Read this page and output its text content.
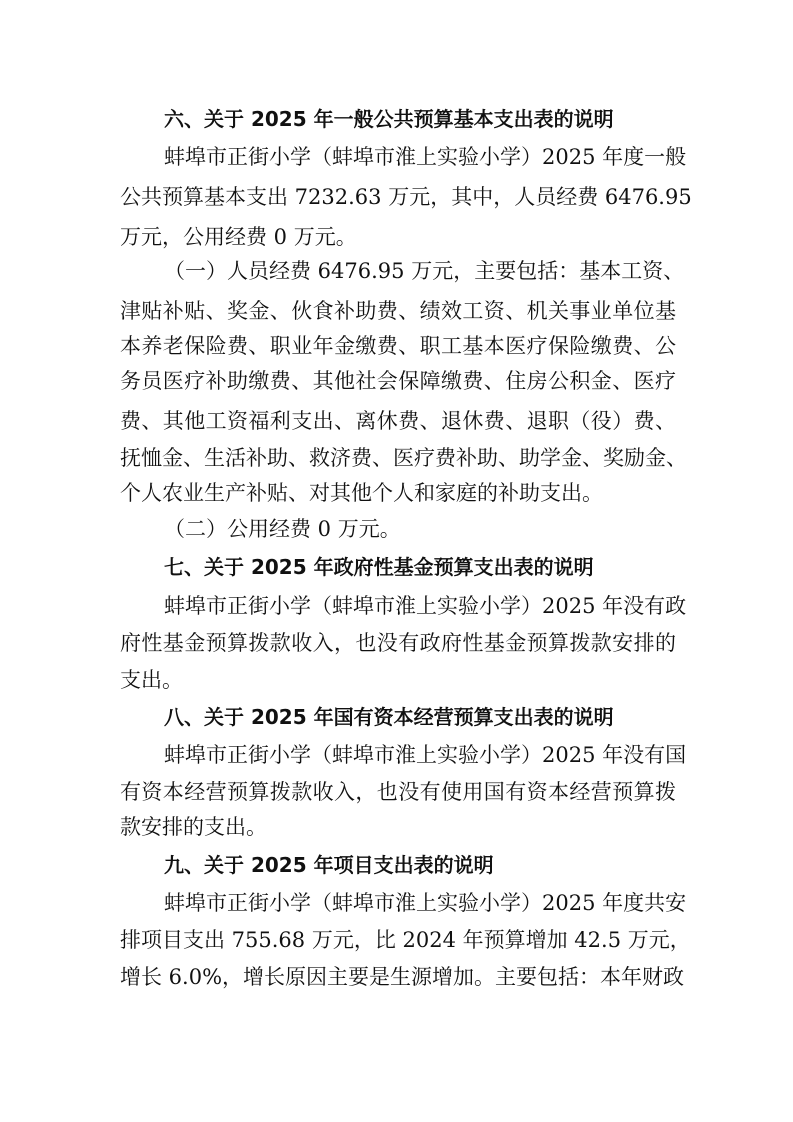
六、关于 2025 年一般公共预算基本支出表的说明
蚌埠市正街小学（蚌埠市淮上实验小学）2025 年度一般
公共预算基本支出 7232.63 万元，其中，人员经费 6476.95
万元，公用经费 0 万元。
（一）人员经费 6476.95 万元，主要包括：基本工资、
津贴补贴、奖金、伙食补助费、绩效工资、机关事业单位基
本养老保险费、职业年金缴费、职工基本医疗保险缴费、公
务员医疗补助缴费、其他社会保障缴费、住房公积金、医疗
费、其他工资福利支出、离休费、退休费、退职（役）费、
抚恤金、生活补助、救济费、医疗费补助、助学金、奖励金、
个人农业生产补贴、对其他个人和家庭的补助支出。
（二）公用经费 0 万元。
七、关于 2025 年政府性基金预算支出表的说明
蚌埠市正街小学（蚌埠市淮上实验小学）2025 年没有政
府性基金预算拨款收入，也没有政府性基金预算拨款安排的
支出。
八、关于 2025 年国有资本经营预算支出表的说明
蚌埠市正街小学（蚌埠市淮上实验小学）2025 年没有国
有资本经营预算拨款收入，也没有使用国有资本经营预算拨
款安排的支出。
九、关于 2025 年项目支出表的说明
蚌埠市正街小学（蚌埠市淮上实验小学）2025 年度共安
排项目支出 755.68 万元，比 2024 年预算增加 42.5 万元，
增长 6.0%，增长原因主要是生源增加。主要包括：本年财政
